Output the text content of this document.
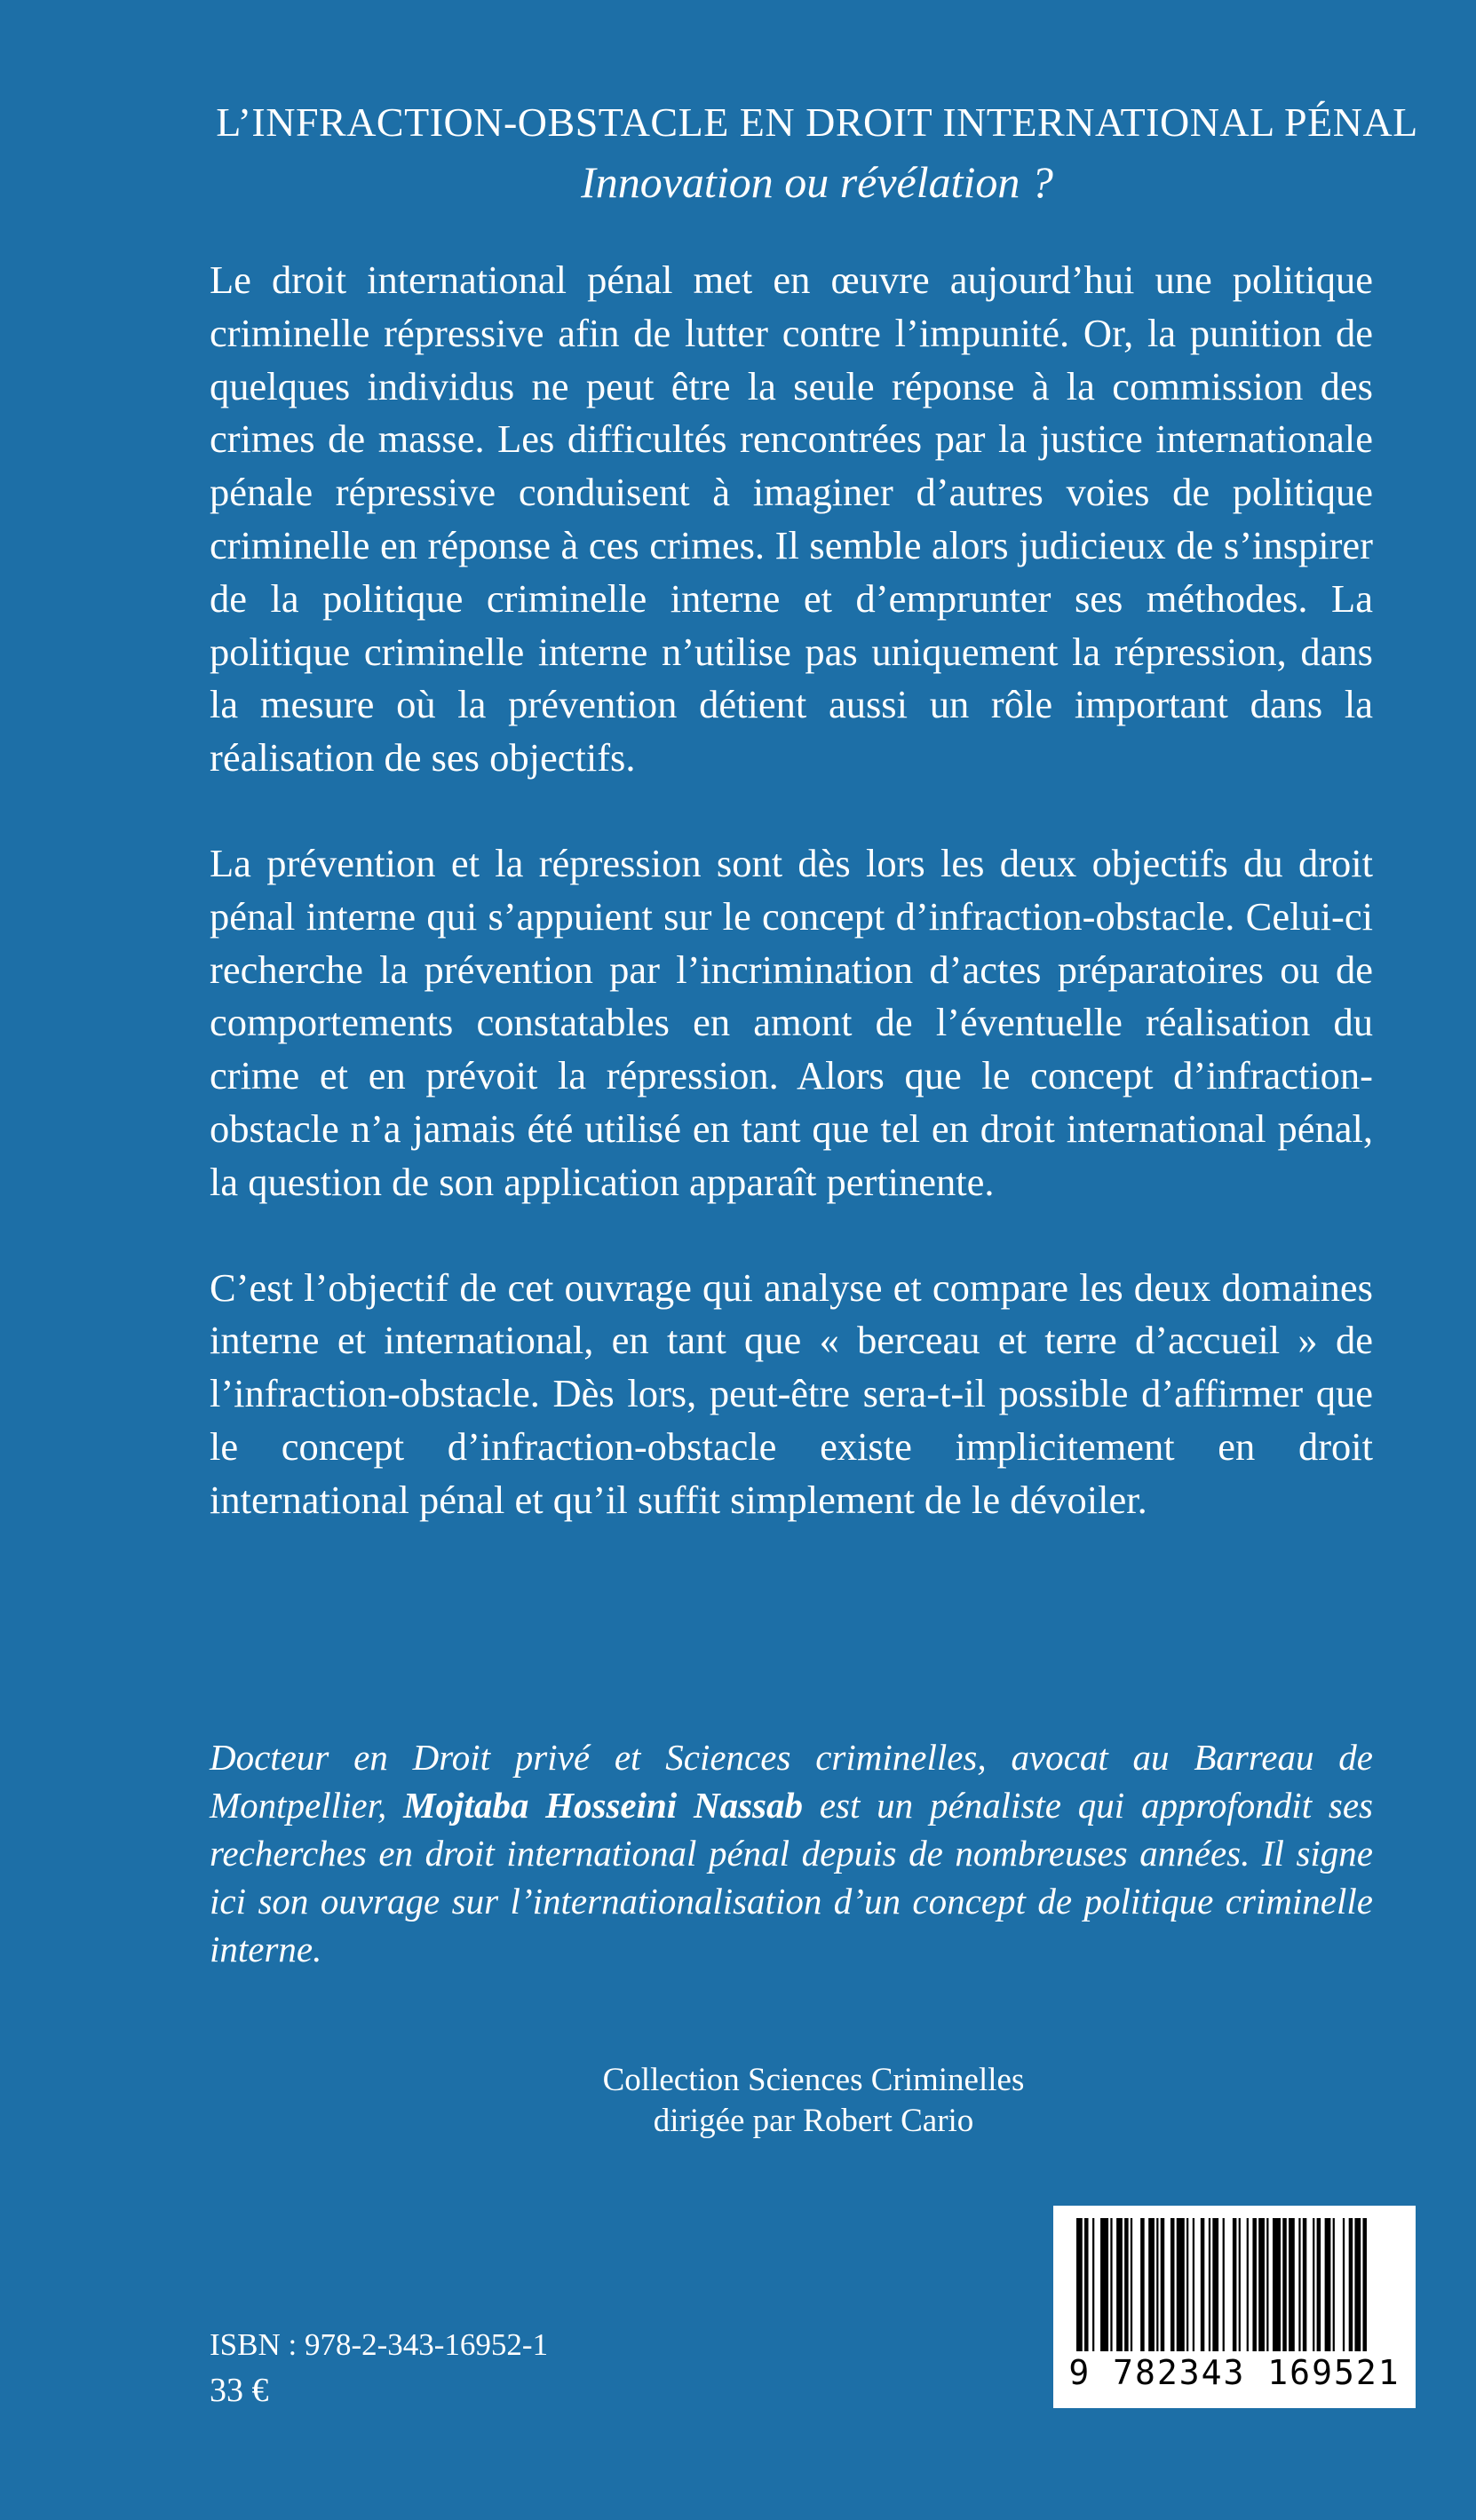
L’INFRACTION-OBSTACLE EN DROIT INTERNATIONAL PÉNAL
Innovation ou révélation ?

Le droit international pénal met en œuvre aujourd’hui une politique criminelle répressive afin de lutter contre l’impunité. Or, la punition de quelques individus ne peut être la seule réponse à la commission des crimes de masse. Les difficultés rencontrées par la justice internationale pénale répressive conduisent à imaginer d’autres voies de politique criminelle en réponse à ces crimes. Il semble alors judicieux de s’inspirer de la politique criminelle interne et d’emprunter ses méthodes. La politique criminelle interne n’utilise pas uniquement la répression, dans la mesure où la prévention détient aussi un rôle important dans la réalisation de ses objectifs.

La prévention et la répression sont dès lors les deux objectifs du droit pénal interne qui s’appuient sur le concept d’infraction-obstacle. Celui-ci recherche la prévention par l’incrimination d’actes préparatoires ou de comportements constatables en amont de l’éventuelle réalisation du crime et en prévoit la répression. Alors que le concept d’infraction-obstacle n’a jamais été utilisé en tant que tel en droit international pénal, la question de son application apparaît pertinente.

C’est l’objectif de cet ouvrage qui analyse et compare les deux domaines interne et international, en tant que « berceau et terre d’accueil » de l’infraction-obstacle. Dès lors, peut-être sera-t-il possible d’affirmer que le concept d’infraction-obstacle existe implicitement en droit international pénal et qu’il suffit simplement de le dévoiler.

Docteur en Droit privé et Sciences criminelles, avocat au Barreau de Montpellier, Mojtaba Hosseini Nassab est un pénaliste qui approfondit ses recherches en droit international pénal depuis de nombreuses années. Il signe ici son ouvrage sur l’internationalisation d’un concept de politique criminelle interne.
Collection Sciences Criminelles
dirigée par Robert Cario
ISBN : 978-2-343-16952-1
33 €	9 782343 169521
